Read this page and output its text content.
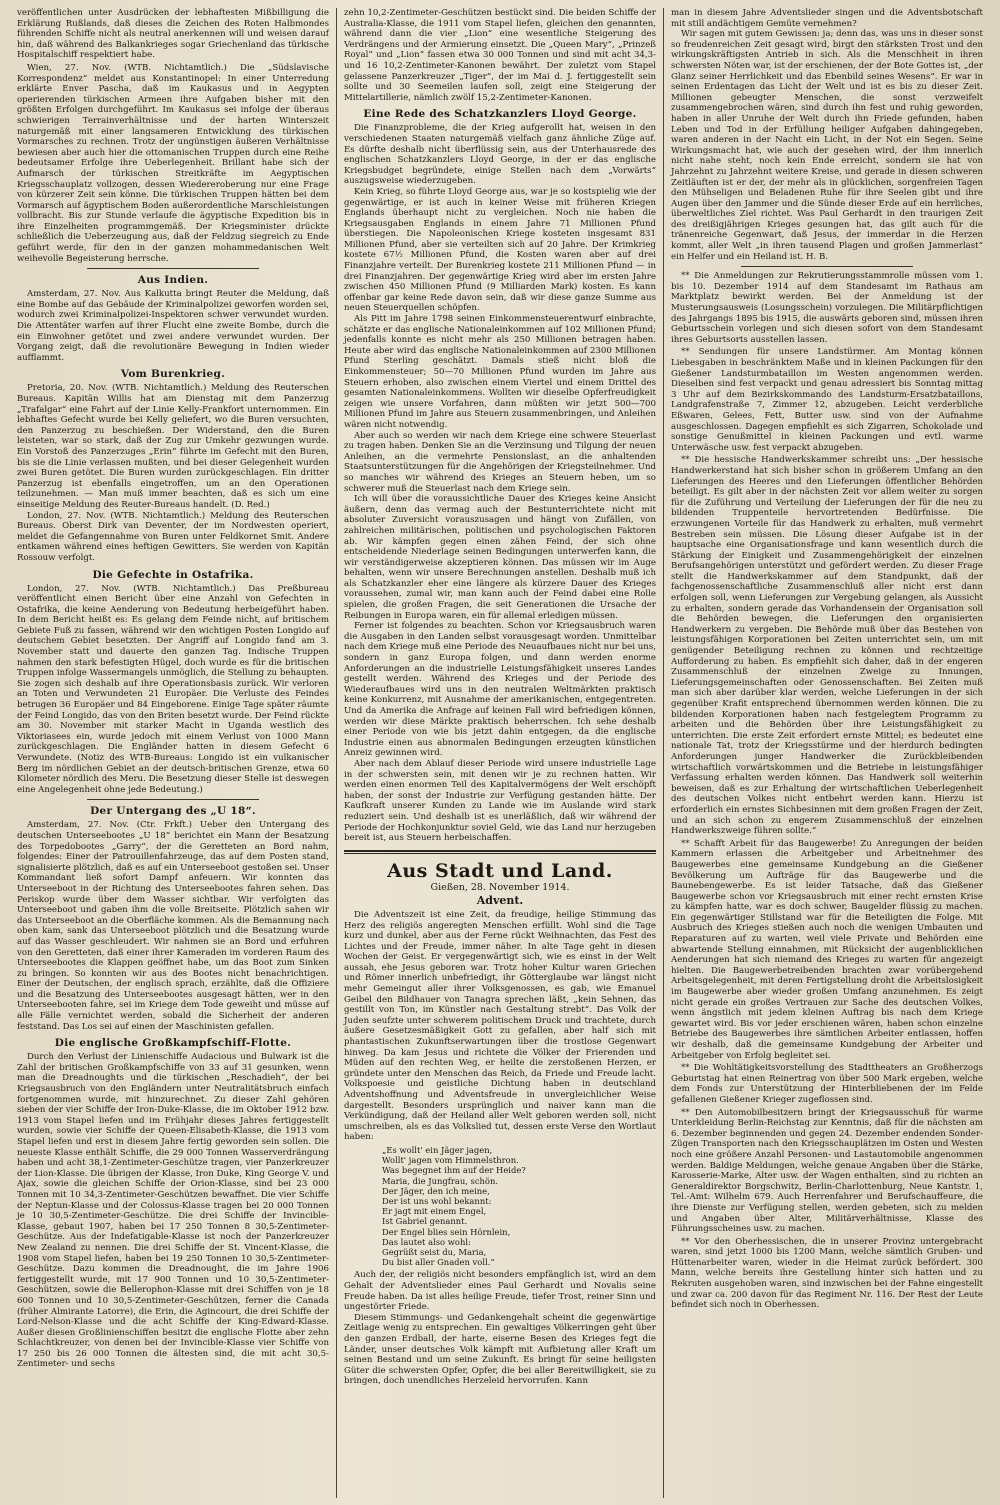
veröffentlichen unter Ausdrücken der lebhaftesten Mißbilligung die Erklärung Rußlands, daß dieses die Zeichen des Roten Halbmondes führenden Schiffe nicht als neutral anerkennen will und weisen darauf hin, daß während des Balkankrieges sogar Griechenland das türkische Hospitalschiff respektiert habe.

Wien, 27. Nov. (WTB. Nichtamtlich.) Die „Südslavische Korrespondenz“ meldet aus Konstantinopel: In einer Unterredung erklärte Enver Pascha, daß im Kaukasus und in Aegypten operierenden türkischen Armeen ihre Aufgaben bisher mit den größten Erfolgen durchgeführt. Im Kaukasus sei infolge der überaus schwierigen Terrainverhältnisse und der harten Winterszeit naturgemäß mit einer langsameren Entwicklung des türkischen Vormarsches zu rechnen. Trotz der ungünstigen äußeren Verhältnisse bewiesen aber auch hier die ottomanischen Truppen durch eine Reihe bedeutsamer Erfolge ihre Ueberlegenheit. Brillant habe sich der Aufmarsch der türkischen Streitkräfte im Aegyptischen Kriegsschauplatz vollzogen, dessen Wiedereroberung nur eine Frage von kürzerer Zeit sein könne. Die türkischen Truppen hätten bei dem Vormarsch auf ägyptischem Boden außerordentliche Marschleistungen vollbracht. Bis zur Stunde verlaufe die ägyptische Expedition bis in ihre Einzelheiten programmgemäß. Der Kriegsminister drückte schließlich die Ueberzeugung aus, daß der Feldzug siegreich zu Ende geführt werde, für den in der ganzen mohammedanischen Welt weihevolle Begeisterung herrsche.

Aus Indien.

Amsterdam, 27. Nov. Aus Kalkutta bringt Reuter die Meldung, daß eine Bombe auf das Gebäude der Kriminalpolizei geworfen worden sei, wodurch zwei Kriminalpolizei-Inspektoren schwer verwundet wurden. Die Attentäter warfen auf ihrer Flucht eine zweite Bombe, durch die ein Einwohner getötet und zwei andere verwundet wurden. Der Vorgang zeigt, daß die revolutionäre Bewegung in Indien wieder aufflammt.

Vom Burenkrieg.

Pretoria, 20. Nov. (WTB. Nichtamtlich.) Meldung des Reuterschen Bureaus. Kapitän Willis hat am Dienstag mit dem Panzerzug „Trafalgar“ eine Fahrt auf der Linie Kelly-Frankfort unternommen. Ein lebhaftes Gefecht wurde bei Kelly geliefert, wo die Buren versuchten, den Panzerzug zu beschießen. Der Widerstand, den die Buren leisteten, war so stark, daß der Zug zur Umkehr gezwungen wurde. Ein Vorstoß des Panzerzuges „Erin“ führte im Gefecht mit den Buren, bis sie die Linie verlassen mußten, und bei dieser Gelegenheit wurden zwei Buren getötet. Die Buren wurden zurückgeschlagen. Ein dritter Panzerzug ist ebenfalls eingetroffen, um an den Operationen teilzunehmen. — Man muß immer beachten, daß es sich um eine einseitige Meldung des Reuter-Bureaus handelt. (D. Red.)

London, 27. Nov. (WTB. Nichtamtlich.) Meldung des Reuterschen Bureaus. Oberst Dirk van Deventer, der im Nordwesten operiert, meldet die Gefangennahme von Buren unter Feldkornet Smit. Andere entkamen während eines heftigen Gewitters. Sie werden von Kapitän Rossouw verfolgt.

Die Gefechte in Ostafrika.

London, 27. Nov. (WTB. Nichtamtlich.) Das Preßbureau veröffentlicht einen Bericht über eine Anzahl von Gefechten in Ostafrika, die keine Aenderung von Bedeutung herbeigeführt haben. In dem Bericht heißt es: Es gelang dem Feinde nicht, auf britischem Gebiete Fuß zu fassen, während wir den wichtigen Posten Longido auf deutschem Gebiet besetzten. Der Angriff auf Longido fand am 3. November statt und dauerte den ganzen Tag. Indische Truppen nahmen den stark befestigten Hügel, doch wurde es für die britischen Truppen infolge Wassermangels unmöglich, die Stellung zu behaupten. Sie zogen sich deshalb auf ihre Operationsbasis zurück. Wir verloren an Toten und Verwundeten 21 Europäer. Die Verluste des Feindes betrugen 36 Europäer und 84 Eingeborene. Einige Tage später räumte der Feind Longido, das von den Briten besetzt wurde. Der Feind rückte am 30. November mit starker Macht in Uganda westlich des Viktoriasees ein, wurde jedoch mit einem Verlust von 1000 Mann zurückgeschlagen. Die Engländer hatten in diesem Gefecht 6 Verwundete. (Notiz des WTB-Bureaus: Longido ist ein vulkanischer Berg im nördlichen Gebiet an der deutsch-britischen Grenze, etwa 60 Kilometer nördlich des Meru. Die Besetzung dieser Stelle ist deswegen eine Angelegenheit ohne jede Bedeutung.)

Der Untergang des „U 18“.

Amsterdam, 27. Nov. (Ctr. Frkft.) Ueber den Untergang des deutschen Unterseebootes „U 18“ berichtet ein Mann der Besatzung des Torpedobootes „Garry“, der die Geretteten an Bord nahm, folgendes: Einer der Patrouillenfahrzeuge, das auf dem Posten stand, signalisierte plötzlich, daß es auf ein Unterseeboot gestoßen sei. Unser Kommandant ließ sofort Dampf anfeuern. Wir konnten das Unterseeboot in der Richtung des Unterseebootes fahren sehen. Das Periskop wurde über dem Wasser sichtbar. Wir verfolgten das Unterseeboot und gaben ihm die volle Breitseite. Plötzlich sahen wir das Unterseeboot an die Oberfläche kommen. Als die Bemannung nach oben kam, sank das Unterseeboot plötzlich und die Besatzung wurde auf das Wasser geschleudert. Wir nahmen sie an Bord und erfuhren von den Geretteten, daß einer ihrer Kameraden im vorderen Raum des Unterseebootes die Klappen geöffnet habe, um das Boot zum Sinken zu bringen. So konnten wir aus des Bootes nicht benachrichtigen. Einer der Deutschen, der englisch sprach, erzählte, daß die Offiziere und die Besatzung des Unterseebootes ausgesagt hätten, wer in den Unterseebooten fahre, sei im Kriege dem Tode geweiht und müsse auf alle Fälle vernichtet werden, sobald die Sicherheit der anderen feststand. Das Los sei auf einen der Maschinisten gefallen.

Die englische Großkampfschiff-Flotte.

Durch den Verlust der Linienschiffe Audacious und Bulwark ist die Zahl der britischen Großkampfschiffe von 33 auf 31 gesunken, wenn man die Dreadnoughts und die türkischen „Reschadieh“, der bei Kriegsausbruch von den Engländern unter Neutralitätsbruch einfach fortgenommen wurde, mit hinzurechnet. Zu dieser Zahl gehören sieben der vier Schiffe der Iron-Duke-Klasse, die im Oktober 1912 bzw. 1913 vom Stapel liefen und im Frühjahr dieses Jahres fertiggestellt wurden, sowie vier Schiffe der Queen-Elisabeth-Klasse, die 1913 vom Stapel liefen und erst in diesem Jahre fertig geworden sein sollen. Die neueste Klasse enthält Schiffe, die 29 000 Tonnen Wasserverdrängung haben und acht 38,1-Zentimeter-Geschütze tragen, vier Panzerkreuzer der Lion-Klasse. Die übrigen der Klasse, Iron Duke, King George V. und Ajax, sowie die gleichen Schiffe der Orion-Klasse, sind bei 23 000 Tonnen mit 10 34,3-Zentimeter-Geschützen bewaffnet. Die vier Schiffe der Neptun-Klasse und der Colossus-Klasse tragen bei 20 000 Tonnen je 10 30,5-Zentimeter-Geschütze. Die drei Schiffe der Invincible-Klasse, gebaut 1907, haben bei 17 250 Tonnen 8 30,5-Zentimeter-Geschütze. Aus der Indefatigable-Klasse ist noch der Panzerkreuzer New Zealand zu nennen. Die drei Schiffe der St. Vincent-Klasse, die 1908 vom Stapel liefen, haben bei 19 250 Tonnen 10 30,5-Zentimeter-Geschütze. Dazu kommen die Dreadnought, die im Jahre 1906 fertiggestellt wurde, mit 17 900 Tonnen und 10 30,5-Zentimeter-Geschützen, sowie die Bellerophon-Klasse mit drei Schiffen von je 18 600 Tonnen und 10 30,5-Zentimeter-Geschützen, ferner die Canada (früher Almirante Latorre), die Erin, die Agincourt, die drei Schiffe der Lord-Nelson-Klasse und die acht Schiffe der King-Edward-Klasse. Außer diesen Großlinienschiffen besitzt die englische Flotte aber zehn Schlachtkreuzer, von denen bei der Invincible-Klasse vier Schiffe von 17 250 bis 26 000 Tonnen die ältesten sind, die mit acht 30,5-Zentimeter- und sechs

zehn 10,2-Zentimeter-Geschützen bestückt sind. Die beiden Schiffe der Australia-Klasse, die 1911 vom Stapel liefen, gleichen den genannten, während dann die vier „Lion“ eine wesentliche Steigerung des Verdrängens und der Armierung einsetzt. Die „Queen Mary“, „Prinzeß Royal“ und „Lion“ fassen etwa 30 000 Tonnen und sind mit acht 34,3- und 16 10,2-Zentimeter-Kanonen bewährt. Der zuletzt vom Stapel gelassene Panzerkreuzer „Tiger“, der im Mai d. J. fertiggestellt sein sollte und 30 Seemeilen laufen soll, zeigt eine Steigerung der Mittelartillerie, nämlich zwölf 15,2-Zentimeter-Kanonen.

Eine Rede des Schatzkanzlers Lloyd George.

Die Finanzprobleme, die der Krieg aufgerollt hat, weisen in den verschiedenen Staaten naturgemäß vielfach ganz ähnliche Züge auf. Es dürfte deshalb nicht überflüssig sein, aus der Unterhausrede des englischen Schatzkanzlers Lloyd George, in der er das englische Kriegsbudget begründete, einige Stellen nach dem „Vorwärts“ auszugsweise wiederzugeben.

Kein Krieg, so führte Lloyd George aus, war je so kostspielig wie der gegenwärtige, er ist auch in keiner Weise mit früheren Kriegen Englands überhaupt nicht zu vergleichen. Noch nie haben die Kriegsausgaben Englands in einem Jahre 71 Millionen Pfund überstiegen. Die Napoleonischen Kriege kosteten insgesamt 831 Millionen Pfund, aber sie verteilten sich auf 20 Jahre. Der Krimkrieg kostete 67½ Millionen Pfund, die Kosten waren aber auf drei Finanzjahre verteilt. Der Burenkrieg kostete 211 Millionen Pfund — in drei Finanzjahren. Der gegenwärtige Krieg wird aber im ersten Jahre zwischen 450 Millionen Pfund (9 Milliarden Mark) kosten. Es kann offenbar gar keine Rede davon sein, daß wir diese ganze Summe aus neuen Steuerquellen schöpfen.

Als Pitt im Jahre 1798 seinen Einkommensteuerentwurf einbrachte, schätzte er das englische Nationaleinkommen auf 102 Millionen Pfund; jedenfalls konnte es nicht mehr als 250 Millionen betragen haben. Heute aber wird das englische Nationaleinkommen auf 2300 Millionen Pfund Sterling geschätzt. Damals stieß nicht bloß die Einkommensteuer; 50—70 Millionen Pfund wurden im Jahre aus Steuern erhoben, also zwischen einem Viertel und einem Drittel des gesamten Nationaleinkommens. Wollten wir dieselbe Opferfreudigkeit zeigen wie unsere Vorfahren, dann müßten wir jetzt 500—700 Millionen Pfund im Jahre aus Steuern zusammenbringen, und Anleihen wären nicht notwendig.

Aber auch so werden wir nach dem Kriege eine schwere Steuerlast zu tragen haben. Denken Sie an die Verzinsung und Tilgung der neuen Anleihen, an die vermehrte Pensionslast, an die anhaltenden Staatsunterstützungen für die Angehörigen der Kriegsteilnehmer. Und so manches wir während des Krieges an Steuern heben, um so schwerer muß die Steuerlast nach dem Kriege sein.

Ich will über die voraussichtliche Dauer des Krieges keine Ansicht äußern, denn das vermag auch der Bestunterrichtete nicht mit absoluter Zuversicht vorauszusagen und hängt von Zufällen, von zahlreichen militärischen, politischen und psychologischen Faktoren ab. Wir kämpfen gegen einen zähen Feind, der sich ohne entscheidende Niederlage seinen Bedingungen unterwerfen kann, die wir verständigerweise akzeptieren können. Das müssen wir im Auge behalten, wenn wir unsere Berechnungen anstellen. Deshalb muß ich als Schatzkanzler eher eine längere als kürzere Dauer des Krieges voraussehen, zumal wir, man kann auch der Feind dabei eine Rolle spielen, die großen Fragen, die seit Generationen die Ursache der Reibungen in Europa waren, ein für allemal erledigen müssen.

Ferner ist folgendes zu beachten. Schon vor Kriegsausbruch waren die Ausgaben in den Landen selbst vorausgesagt worden. Unmittelbar nach dem Kriege muß eine Periode des Neuaufbaues nicht nur bei uns, sondern in ganz Europa folgen, und dann werden enorme Anforderungen an die industrielle Leistungsfähigkeit unseres Landes gestellt werden. Während des Krieges und der Periode des Wiederaufbaues wird uns in den neutralen Weltmärkten praktisch keine Konkurrenz, mit Ausnahme der amerikanischen, entgegentreten. Und da Amerika die Anfrage auf keinen Fall wird befriedigen können, werden wir diese Märkte praktisch beherrschen. Ich sehe deshalb einer Periode von wie bis jetzt dahin entgegen, da die englische Industrie einen aus abnormalen Bedingungen erzeugten künstlichen Anreiz gewinnen wird.

Aber nach dem Ablauf dieser Periode wird unsere industrielle Lage in der schwersten sein, mit denen wir je zu rechnen hatten. Wir werden einen enormen Teil des Kapitalvermögens der Welt erschöpft haben, der sonst der Industrie zur Verfügung gestanden hätte. Der Kaufkraft unserer Kunden zu Lande wie im Auslande wird stark reduziert sein. Und deshalb ist es unerläßlich, daß wir während der Periode der Hochkonjunktur soviel Geld, wie das Land nur herzugeben bereit ist, aus Steuern herbeischaffen.

Aus Stadt und Land.
Gießen, 28. November 1914.
Advent.

Die Adventszeit ist eine Zeit, da freudige, heilige Stimmung das Herz des religiös angeregten Menschen erfüllt. Wohl sind die Tage kurz und dunkel, aber aus der Ferne rückt Weihnachten, das Fest des Lichtes und der Freude, immer näher. In alte Tage geht in diesen Wochen der Geist. Er vergegenwärtigt sich, wie es einst in der Welt aussah, ehe Jesus geboren war. Trotz hoher Kultur waren Griechen und Römer innerlich unbefriedigt, ihr Götterglaube war längst nicht mehr Gemeingut aller ihrer Volksgenossen, es gab, wie Emanuel Geibel den Bildhauer von Tanagra sprechen läßt, „kein Sehnen, das gestillt von Ton, im Künstler nach Gestaltung strebt“. Das Volk der Juden seufzte unter schwerem politischem Druck und trachtete, durch äußere Gesetzesmäßigkeit Gott zu gefallen, aber half sich mit phantastischen Zukunftserwartungen über die trostlose Gegenwart hinweg. Da kam Jesus und richtete die Völker der Frierenden und Müden auf den rechten Weg, er heilte die zerstoßenen Herzen, er gründete unter den Menschen das Reich, da Friede und Freude lacht. Volkspoesie und geistliche Dichtung haben in deutschland Adventshoffnung und Adventsfreude in unvergleichlicher Weise dargestellt. Besonders ursprünglich und naiver kann man die Verkündigung, daß der Heiland aller Welt geboren werden soll, nicht umschreiben, als es das Volkslied tut, dessen erste Verse den Wortlaut haben:

„Es wollt' ein Jäger jagen,
Wollt' jagen vom Himmelsthron.
Was begegnet ihm auf der Heide?
Maria, die Jungfrau, schön.
Der Jäger, den ich meine,
Der ist uns wohl bekannt:
Er jagt mit einem Engel,
Ist Gabriel genannt.
Der Engel blies sein Hörnlein,
Das lautet also wohl:
Gegrüßt seist du, Maria,
Du bist aller Gnaden voll.“

Auch der, der religiös nicht besonders empfänglich ist, wird an dem Gehalt der Adventslieder eines Paul Gerhardt und Novalis seine Freude haben. Da ist alles heilige Freude, tiefer Trost, reiner Sinn und ungestörter Friede.

Diesem Stimmungs- und Gedankengehalt scheint die gegenwärtige Zeitlage wenig zu entsprechen. Ein gewaltiges Völkerringen geht über den ganzen Erdball, der harte, eiserne Besen des Krieges fegt die Länder, unser deutsches Volk kämpft mit Aufbietung aller Kraft um seinen Bestand und um seine Zukunft. Es bringt für seine heiligsten Güter die schwersten Opfer, Opfer, die bei aller Bereitwilligkeit, sie zu bringen, doch unendliches Herzeleid hervorrufen. Kann

man in diesem Jahre Adventslieder singen und die Adventsbotschaft mit still andächtigem Gemüte vernehmen?

Wir sagen mit gutem Gewissen: ja; denn das, was uns in dieser sonst so freudenreichen Zeit gesagt wird, birgt den stärksten Trost und den wirkungskräftigsten Antrieb in sich. Als die Menschheit in ihren schwersten Nöten war, ist der erschienen, der der Bote Gottes ist, „der Glanz seiner Herrlichkeit und das Ebenbild seines Wesens“. Er war in seinen Erdentagen das Licht der Welt und ist es bis zu dieser Zeit. Millionen gebeugter Menschen, die sonst verzweifelt zusammengebrochen wären, sind durch ihn fest und ruhig geworden, haben in aller Unruhe der Welt durch ihn Friede gefunden, haben Leben und Tod in der Erfüllung heiliger Aufgaben dahingegeben, waren anderen in der Nacht ein Licht, in der Not ein Segen. Seine Wirkungsmacht hat, wie auch der gesehen wird, der ihm innerlich nicht nahe steht, noch kein Ende erreicht, sondern sie hat von Jahrzehnt zu Jahrzehnt weitere Kreise, und gerade in diesen schweren Zeitläuften ist er der, der mehr als in glücklichen, sorgenfreien Tagen den Mühseligen und Beladenen Ruhe für ihre Seelen gibt und ihre Augen über den Jammer und die Sünde dieser Erde auf ein herrliches, überweltliches Ziel richtet. Was Paul Gerhardt in den traurigen Zeit des dreißigjährigen Krieges gesungen hat, das gilt auch für die tränenreiche Gegenwart, daß Jesus, der immerdar in die Herzen kommt, aller Welt „in ihren tausend Plagen und großen Jammerlast“ ein Helfer und ein Heiland ist. H. B.

** Die Anmeldungen zur Rekrutierungsstammrolle müssen vom 1. bis 10. Dezember 1914 auf dem Standesamt im Rathaus am Marktplatz bewirkt werden. Bei der Anmeldung ist der Musterungsausweis (Losungsschein) vorzulegen. Die Militärpflichtigen des Jahrgangs 1895 bis 1915, die auswärts geboren sind, müssen ihren Geburtsschein vorlegen und sich diesen sofort von dem Standesamt ihres Geburtsorts ausstellen lassen.

** Sendungen für unsere Landstürmer. Am Montag können Liebesgaben in beschränktem Maße und in kleinen Packungen für den Gießener Landsturmbataillon im Westen angenommen werden. Dieselben sind fest verpackt und genau adressiert bis Sonntag mittag 3 Uhr auf dem Bezirkskommando des Landsturm-Ersatzbataillons, Landgrafenstraße 7, Zimmer 12, abzugeben. Leicht verderbliche Eßwaren, Gelees, Fett, Butter usw. sind von der Aufnahme ausgeschlossen. Dagegen empfiehlt es sich Zigarren, Schokolade und sonstige Genußmittel in kleinen Packungen und evtl. warme Unterwäsche usw. fest verpackt abzugeben.

** Die hessische Handwerkskammer schreibt uns: „Der hessische Handwerkerstand hat sich bisher schon in größerem Umfang an den Lieferungen des Heeres und den Lieferungen öffentlicher Behörden beteiligt. Es gilt aber in der nächsten Zeit vor allem weiter zu sorgen für die Zuführung und Verteilung der Lieferungen der für die neu zu bildenden Truppenteile hervortretenden Bedürfnisse. Die erzwungenen Vorteile für das Handwerk zu erhalten, muß vermehrt Bestreben sein müssen. Die Lösung dieser Aufgabe ist in der hauptsache eine Organisationsfrage und kann wesentlich durch die Stärkung der Einigkeit und Zusammengehörigkeit der einzelnen Berufsangehörigen unterstützt und gefördert werden. Zu dieser Frage stellt die Handwerkskammer auf dem Standpunkt, daß der fachgenossenschaftliche Zusammenschluß aller nicht erst dann erfolgen soll, wenn Lieferungen zur Vergebung gelangen, als Aussicht zu erhalten, sondern gerade das Vorhandensein der Organisation soll die Behörden bewegen, die Lieferungen den organisierten Handwerkern zu vergeben. Die Behörde muß über das Bestehen von leistungsfähigen Korporationen bei Zeiten unterrichtet sein, um mit genügender Beteiligung rechnen zu können und rechtzeitige Aufforderung zu haben. Es empfiehlt sich daher, daß in der engeren Zusammenschluß der einzelnen Zweige zu Innungen, Lieferungsgemeinschaften oder Genossenschaften. Bei Zeiten muß man sich aber darüber klar werden, welche Lieferungen in der sich gegenüber Krafit entsprechend übernommen werden können. Die zu bildenden Korporationen haben nach festgelegtem Programm zu arbeiten und die Behörden über ihre Leistungsfähigkeit zu unterrichten. Die erste Zeit erfordert ernste Mittel; es bedeutet eine nationale Tat, trotz der Kriegsstürme und der hierdurch bedingten Anforderungen junger Handwerker die Zurückbleibenden wirtschaftlich vorwärtskommen und die Betriebe in leistungsfähiger Verfassung erhalten werden können. Das Handwerk soll weiterhin beweisen, daß es zur Erhaltung der wirtschaftlichen Ueberlegenheit des deutschen Volkes nicht entbehrt werden kann. Hierzu ist erforderlich ein ernstes Sichbesinnen mit dem großen Fragen der Zeit, und an sich schon zu engerem Zusammenschluß der einzelnen Handwerkszweige führen sollte.“

** Schafft Arbeit für das Baugewerbe! Zu Anregungen der beiden Kammern erlassen die Arbeitgeber und Arbeitnehmer des Baugewerbes eine gemeinsame Kundgebung an die Gießener Bevölkerung um Aufträge für das Baugewerbe und die Baunebengewerbe. Es ist leider Tatsache, daß das Gießener Baugewerbe schon vor Kriegsausbruch mit einer recht ernsten Krise zu kämpfen hatte, war es doch schwer, Baugelder flüssig zu machen. Ein gegenwärtiger Stillstand war für die Beteiligten die Folge. Mit Ausbruch des Krieges stießen auch noch die wenigen Umbauten und Reparaturen auf zu warten, weil viele Private und Behörden eine abwartende Stellung einnahmen, mit Rücksicht der augenblicklichen Aenderungen hat sich niemand des Krieges zu warten für angezeigt hielten. Die Baugewerbetreibenden brachten zwar vorübergehend Arbeitsgelegenheit, mit deren Fertigstellung droht die Arbeitslosigkeit im Baugewerbe aber wieder großen Umfang anzunehmen. Es zeigt nicht gerade ein großes Vertrauen zur Sache des deutschen Volkes, wenn ängstlich mit jedem kleinen Auftrag bis nach dem Kriege gewartet wird. Bis vor jeder erschienen wären, haben schon einzelne Betriebe des Baugewerbes ihre sämtlichen Arbeiter entlassen, hoffen wir deshalb, daß die gemeinsame Kundgebung der Arbeiter und Arbeitgeber von Erfolg begleitet sei.

** Die Wohltätigkeitsvorstellung des Stadttheaters an Großherzogs Geburtstag hat einen Reinertrag von über 500 Mark ergeben, welche dem Fonds zur Unterstützung der Hinterbliebenen der im Felde gefallenen Gießener Krieger zugeflossen sind.

** Den Automobilbesitzern bringt der Kriegsausschuß für warme Unterkleidung Berlin-Reichstag zur Kenntnis, daß für die nächsten am 6. Dezember beginnenden und gegen 24. Dezember endenden Sonder-Zügen Transporten nach den Kriegsschauplätzen im Osten und Westen noch eine größere Anzahl Personen- und Lastautomobile angenommen werden. Baldige Meldungen, welche genaue Angaben über die Stärke, Karosserie-Marke, Alter usw. der Wagen enthalten, sind zu richten an Generaldirektor Borgschwitz, Berlin-Charlottenburg, Neue Kantstr. 1, Tel.-Amt: Wilhelm 679. Auch Herrenfahrer und Berufschauffeure, die ihre Dienste zur Verfügung stellen, werden gebeten, sich zu melden und Angaben über Alter, Militärverhältnisse, Klasse des Führungsscheines usw. zu machen.

** Vor den Oberhessischen, die in unserer Provinz untergebracht waren, sind jetzt 1000 bis 1200 Mann, welche sämtlich Gruben- und Hüttenarbeiter waren, wieder in die Heimat zurück befördert. 300 Mann, welche bereits ihre Gestellung hinter sich hatten und zu Rekruten ausgehoben waren, sind inzwischen bei der Fahne eingestellt und zwar ca. 200 davon für das Regiment Nr. 116. Der Rest der Leute befindet sich noch in Oberhessen.
